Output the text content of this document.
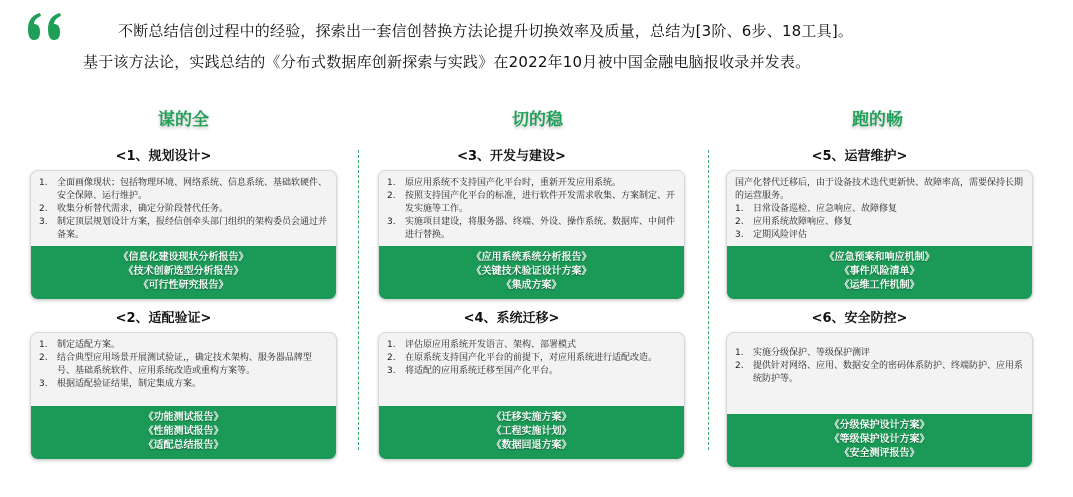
不断总结信创过程中的经验，探索出一套信创替换方法论提升切换效率及质量，总结为[3阶、6步、18工具]。
基于该方法论，实践总结的《分布式数据库创新探索与实践》在2022年10月被中国金融电脑报收录并发表。
谋的全	切的稳	跑的畅
<1、规划设计>
1.	全面画像现状；包括物理环境、网络系统、信息系统、基础软硬件、安全保障、运行维护。
2.	收集分析替代需求，确定分阶段替代任务。
3.	制定顶层规划设计方案，报经信创牵头部门组织的架构委员会通过并备案。
《信息化建设现状分析报告》
《技术创新选型分析报告》
《可行性研究报告》
<2、适配验证>
1.	制定适配方案。
2.	结合典型应用场景开展测试验证,，确定技术架构、服务器品牌型号、基础系统软件、应用系统改造或重构方案等。
3.	根据适配验证结果，制定集成方案。
《功能测试报告》
《性能测试报告》
《适配总结报告》
<3、开发与建设>
1.	原应用系统不支持国产化平台时，重新开发应用系统。
2.	按照支持国产化平台的标准，进行软件开发需求收集、方案制定、开发实施等工作。
3.	实施项目建设，将服务器、终端、外设、操作系统、数据库、中间件进行替换。
《应用系统系统分析报告》
《关键技术验证设计方案》
《集成方案》
<4、系统迁移>
1.	评估原应用系统开发语言、架构、部署模式
2.	在原系统支持国产化平台的前提下，对应用系统进行适配改造。
3.	将适配的应用系统迁移至国产化平台。
《迁移实施方案》
《工程实施计划》
《数据回退方案》
<5、运营维护>

国产化替代迁移后，由于设备技术迭代更新快、故障率高，需要保持长期的运营服务。

1.	日常设备巡检、应急响应、故障修复
2.	应用系统故障响应、修复
3.	定期风险评估
《应急预案和响应机制》
《事件风险清单》
《运维工作机制》
<6、安全防控>
1.	实施分级保护、等级保护测评
2.	提供针对网络、应用、数据安全的密码体系防护、终端防护、应用系统防护等。
《分级保护设计方案》
《等级保护设计方案》
《安全测评报告》
